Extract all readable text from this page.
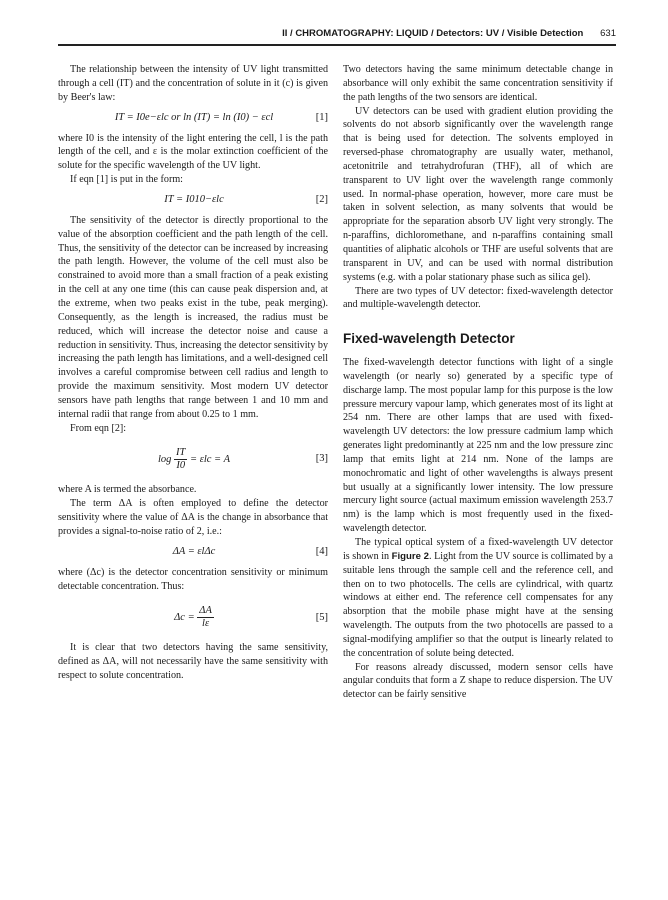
II / CHROMATOGRAPHY: LIQUID / Detectors: UV / Visible Detection 631

The relationship between the intensity of UV light transmitted through a cell (IT) and the concentration of solute in it (c) is given by Beer's law:

IT = I0e−εlc or ln (IT) = ln (I0) − εcl	[1]

where I0 is the intensity of the light entering the cell, l is the path length of the cell, and ε is the molar extinction coefficient of the solute for the specific wavelength of the UV light.

If eqn [1] is put in the form:

IT = I010−εlc	[2]

The sensitivity of the detector is directly proportional to the value of the absorption coefficient and the path length of the cell. Thus, the sensitivity of the detector can be increased by increasing the path length. However, the volume of the cell must also be constrained to avoid more than a small fraction of a peak existing in the cell at any one time (this can cause peak dispersion and, at the extreme, when two peaks exist in the tube, peak merging). Consequently, as the length is increased, the radius must be reduced, which will increase the detector noise and cause a reduction in sensitivity. Thus, increasing the detector sensitivity by increasing the path length has limitations, and a well-designed cell involves a careful compromise between cell radius and length to provide the maximum sensitivity. Most modern UV detector sensors have path lengths that range between 1 and 10 mm and internal radii that range from about 0.25 to 1 mm.

From eqn [2]:

$\log \frac{IT}{I0} = \varepsilon lc = A$	[3]

where A is termed the absorbance.

The term ΔA is often employed to define the detector sensitivity where the value of ΔA is the change in absorbance that provides a signal-to-noise ratio of 2, i.e.:

ΔA = εlΔc	[4]

where (Δc) is the detector concentration sensitivity or minimum detectable concentration. Thus:

$\Delta c = \frac{\Delta A}{l\varepsilon}$	[5]

It is clear that two detectors having the same sensitivity, defined as ΔA, will not necessarily have the same sensitivity with respect to solute concentration.

Two detectors having the same minimum detectable change in absorbance will only exhibit the same concentration sensitivity if the path lengths of the two sensors are identical.

UV detectors can be used with gradient elution providing the solvents do not absorb significantly over the wavelength range that is being used for detection. The solvents employed in reversed-phase chromatography are usually water, methanol, acetonitrile and tetrahydrofuran (THF), all of which are transparent to UV light over the wavelength range commonly used. In normal-phase operation, however, more care must be taken in solvent selection, as many solvents that would be appropriate for the separation absorb UV light very strongly. The n-paraffins, dichloromethane, and n-paraffins containing small quantities of aliphatic alcohols or THF are useful solvents that are transparent in UV, and can be used with normal distribution systems (e.g. with a polar stationary phase such as silica gel).

There are two types of UV detector: fixed-wavelength detector and multiple-wavelength detector.

Fixed-wavelength Detector

The fixed-wavelength detector functions with light of a single wavelength (or nearly so) generated by a specific type of discharge lamp. The most popular lamp for this purpose is the low pressure mercury vapour lamp, which generates most of its light at 254 nm. There are other lamps that are used with fixed-wavelength UV detectors: the low pressure cadmium lamp which generates light predominantly at 225 nm and the low pressure zinc lamp that emits light at 214 nm. None of the lamps are monochromatic and light of other wavelengths is always present but usually at a significantly lower intensity. The low pressure mercury light source (actual maximum emission wavelength 253.7 nm) is the lamp which is most frequently used in the fixed-wavelength detector.

The typical optical system of a fixed-wavelength UV detector is shown in Figure 2. Light from the UV source is collimated by a suitable lens through the sample cell and the reference cell, and then on to two photocells. The cells are cylindrical, with quartz windows at either end. The reference cell compensates for any absorption that the mobile phase might have at the sensing wavelength. The outputs from the two photocells are passed to a signal-modifying amplifier so that the output is linearly related to the concentration of solute being detected.

For reasons already discussed, modern sensor cells have angular conduits that form a Z shape to reduce dispersion. The UV detector can be fairly sensitive
